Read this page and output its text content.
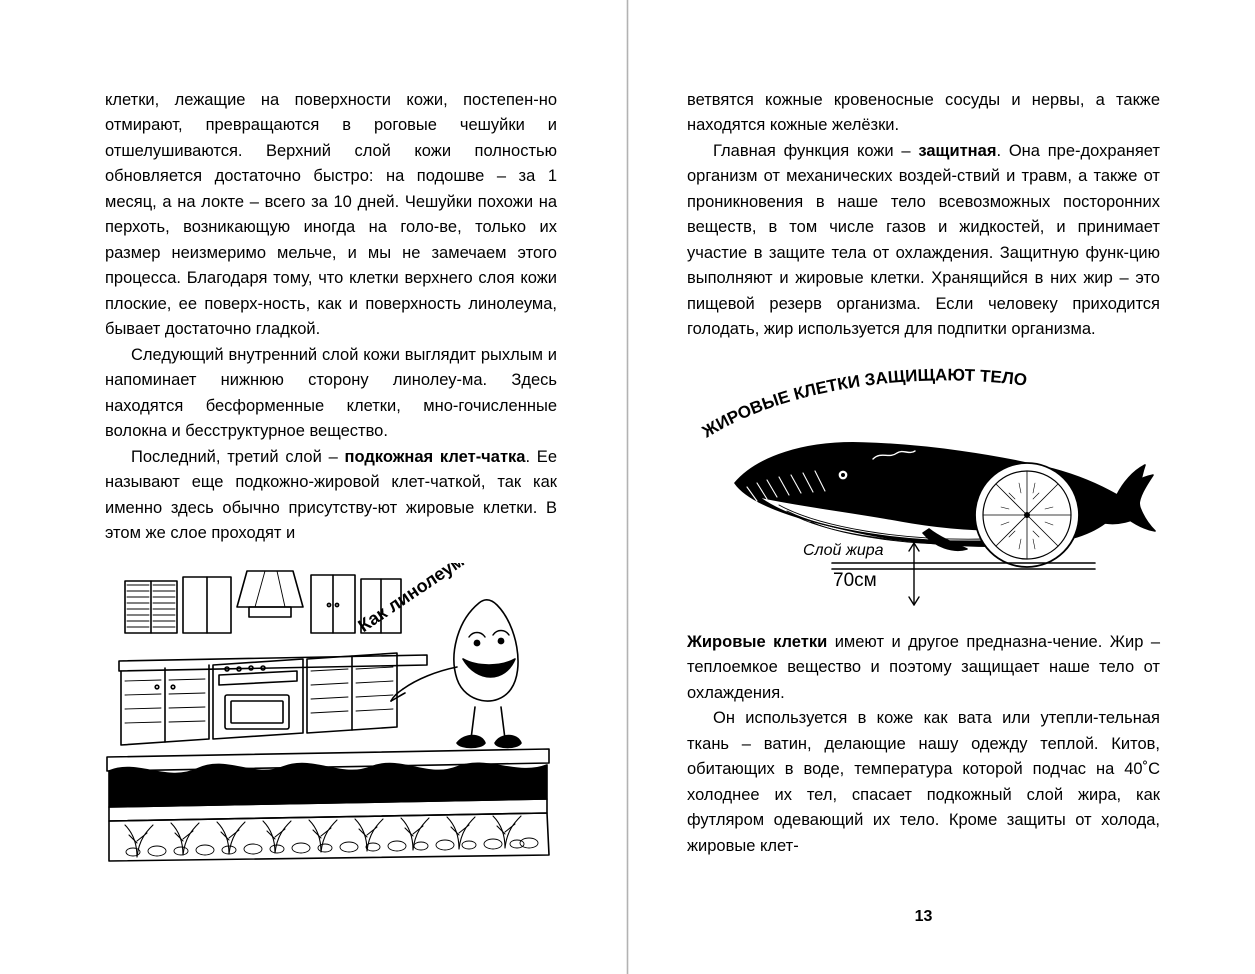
клетки, лежащие на поверхности кожи, постепен-но отмирают, превращаются в роговые чешуйки и отшелушиваются. Верхний слой кожи полностью обновляется достаточно быстро: на подошве – за 1 месяц, а на локте – всего за 10 дней. Чешуйки похожи на перхоть, возникающую иногда на голо-ве, только их размер неизмеримо мельче, и мы не замечаем этого процесса. Благодаря тому, что клетки верхнего слоя кожи плоские, ее поверх-ность, как и поверхность линолеума, бывает достаточно гладкой.

Следующий внутренний слой кожи выглядит рыхлым и напоминает нижнюю сторону линолеу-ма. Здесь находятся бесформенные клетки, мно-гочисленные волокна и бесструктурное вещество.

Последний, третий слой – подкожная клет-чатка. Ее называют еще подкожно-жировой клет-чаткой, так как именно здесь обычно присутству-ют жировые клетки. В этом же слое проходят и

Как линолеум!

ветвятся кожные кровеносные сосуды и нервы, а также находятся кожные желёзки.

Главная функция кожи – защитная. Она пре-дохраняет организм от механических воздей-ствий и травм, а также от проникновения в наше тело всевозможных посторонних веществ, в том числе газов и жидкостей, и принимает участие в защите тела от охлаждения. Защитную функ-цию выполняют и жировые клетки. Хранящийся в них жир – это пищевой резерв организма. Если человеку приходится голодать, жир используется для подпитки организма.

ЖИРОВЫЕ КЛЕТКИ ЗАЩИЩАЮТ ТЕЛО
Слой жира
70см

Жировые клетки имеют и другое предназна-чение. Жир – теплоемкое вещество и поэтому защищает наше тело от охлаждения.

Он используется в коже как вата или утепли-тельная ткань – ватин, делающие нашу одежду теплой. Китов, обитающих в воде, температура которой подчас на 40˚С холоднее их тел, спасает подкожный слой жира, как футляром одевающий их тело. Кроме защиты от холода, жировые клет-

13
